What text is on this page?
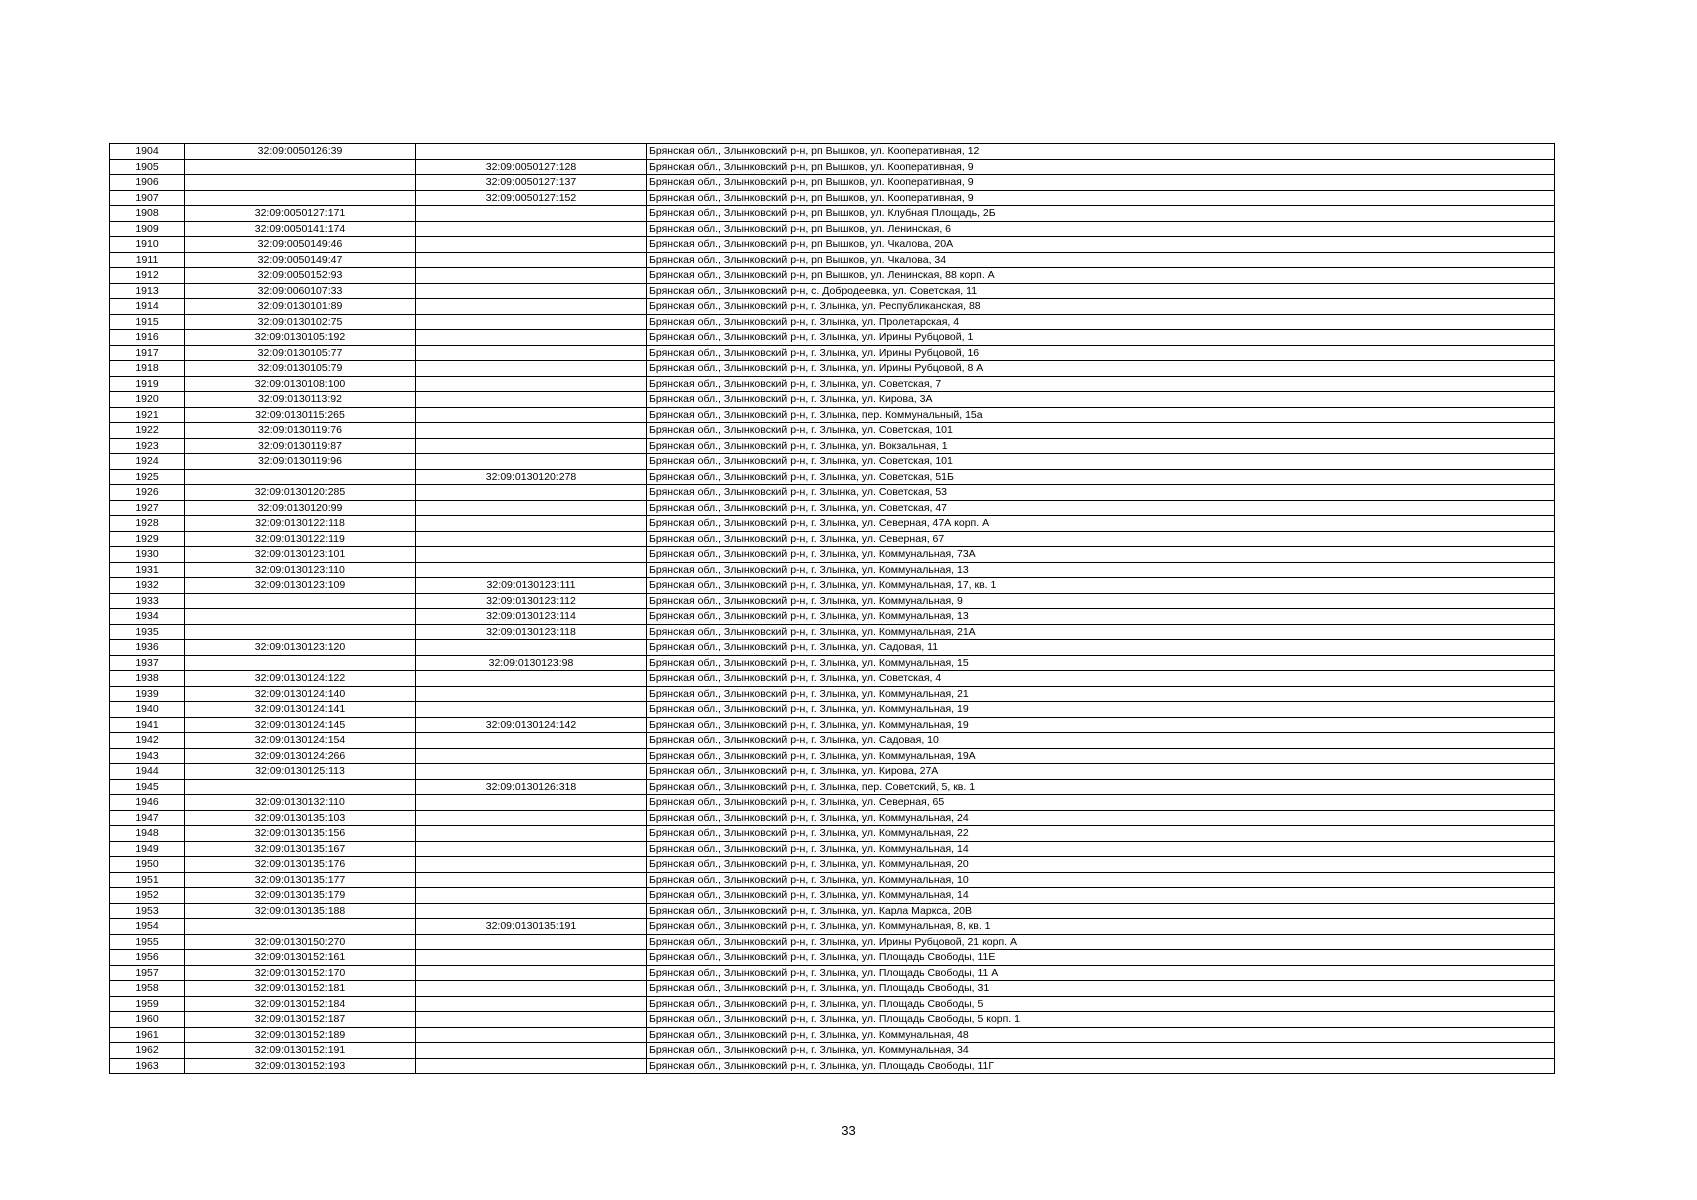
1904	32:09:0050126:39		Брянская обл., Злынковский р-н, рп Вышков, ул. Кооперативная, 12
1905		32:09:0050127:128	Брянская обл., Злынковский р-н, рп Вышков, ул. Кооперативная, 9
1906		32:09:0050127:137	Брянская обл., Злынковский р-н, рп Вышков, ул. Кооперативная, 9
1907		32:09:0050127:152	Брянская обл., Злынковский р-н, рп Вышков, ул. Кооперативная, 9
1908	32:09:0050127:171		Брянская обл., Злынковский р-н, рп Вышков, ул. Клубная Площадь, 2Б
1909	32:09:0050141:174		Брянская обл., Злынковский р-н, рп Вышков, ул. Ленинская, 6
1910	32:09:0050149:46		Брянская обл., Злынковский р-н, рп Вышков, ул. Чкалова, 20А
1911	32:09:0050149:47		Брянская обл., Злынковский р-н, рп Вышков, ул. Чкалова, 34
1912	32:09:0050152:93		Брянская обл., Злынковский р-н, рп Вышков, ул. Ленинская, 88 корп. А
1913	32:09:0060107:33		Брянская обл., Злынковский р-н, с. Добродеевка, ул. Советская, 11
1914	32:09:0130101:89		Брянская обл., Злынковский р-н, г. Злынка, ул. Республиканская, 88
1915	32:09:0130102:75		Брянская обл., Злынковский р-н, г. Злынка, ул. Пролетарская, 4
1916	32:09:0130105:192		Брянская обл., Злынковский р-н, г. Злынка, ул. Ирины Рубцовой, 1
1917	32:09:0130105:77		Брянская обл., Злынковский р-н, г. Злынка, ул. Ирины Рубцовой, 16
1918	32:09:0130105:79		Брянская обл., Злынковский р-н, г. Злынка, ул. Ирины Рубцовой, 8 А
1919	32:09:0130108:100		Брянская обл., Злынковский р-н, г. Злынка, ул. Советская, 7
1920	32:09:0130113:92		Брянская обл., Злынковский р-н, г. Злынка, ул. Кирова, 3А
1921	32:09:0130115:265		Брянская обл., Злынковский р-н, г. Злынка, пер. Коммунальный, 15а
1922	32:09:0130119:76		Брянская обл., Злынковский р-н, г. Злынка, ул. Советская, 101
1923	32:09:0130119:87		Брянская обл., Злынковский р-н, г. Злынка, ул. Вокзальная, 1
1924	32:09:0130119:96		Брянская обл., Злынковский р-н, г. Злынка, ул. Советская, 101
1925		32:09:0130120:278	Брянская обл., Злынковский р-н, г. Злынка, ул. Советская, 51Б
1926	32:09:0130120:285		Брянская обл., Злынковский р-н, г. Злынка, ул. Советская, 53
1927	32:09:0130120:99		Брянская обл., Злынковский р-н, г. Злынка, ул. Советская, 47
1928	32:09:0130122:118		Брянская обл., Злынковский р-н, г. Злынка, ул. Северная, 47А корп. А
1929	32:09:0130122:119		Брянская обл., Злынковский р-н, г. Злынка, ул. Северная, 67
1930	32:09:0130123:101		Брянская обл., Злынковский р-н, г. Злынка, ул. Коммунальная, 73А
1931	32:09:0130123:110		Брянская обл., Злынковский р-н, г. Злынка, ул. Коммунальная, 13
1932	32:09:0130123:109	32:09:0130123:111	Брянская обл., Злынковский р-н, г. Злынка, ул. Коммунальная, 17, кв. 1
1933		32:09:0130123:112	Брянская обл., Злынковский р-н, г. Злынка, ул. Коммунальная, 9
1934		32:09:0130123:114	Брянская обл., Злынковский р-н, г. Злынка, ул. Коммунальная, 13
1935		32:09:0130123:118	Брянская обл., Злынковский р-н, г. Злынка, ул. Коммунальная, 21А
1936	32:09:0130123:120		Брянская обл., Злынковский р-н, г. Злынка, ул. Садовая, 11
1937		32:09:0130123:98	Брянская обл., Злынковский р-н, г. Злынка, ул. Коммунальная, 15
1938	32:09:0130124:122		Брянская обл., Злынковский р-н, г. Злынка, ул. Советская, 4
1939	32:09:0130124:140		Брянская обл., Злынковский р-н, г. Злынка, ул. Коммунальная, 21
1940	32:09:0130124:141		Брянская обл., Злынковский р-н, г. Злынка, ул. Коммунальная, 19
1941	32:09:0130124:145	32:09:0130124:142	Брянская обл., Злынковский р-н, г. Злынка, ул. Коммунальная, 19
1942	32:09:0130124:154		Брянская обл., Злынковский р-н, г. Злынка, ул. Садовая, 10
1943	32:09:0130124:266		Брянская обл., Злынковский р-н, г. Злынка, ул. Коммунальная, 19А
1944	32:09:0130125:113		Брянская обл., Злынковский р-н, г. Злынка, ул. Кирова, 27А
1945		32:09:0130126:318	Брянская обл., Злынковский р-н, г. Злынка, пер. Советский, 5, кв. 1
1946	32:09:0130132:110		Брянская обл., Злынковский р-н, г. Злынка, ул. Северная, 65
1947	32:09:0130135:103		Брянская обл., Злынковский р-н, г. Злынка, ул. Коммунальная, 24
1948	32:09:0130135:156		Брянская обл., Злынковский р-н, г. Злынка, ул. Коммунальная, 22
1949	32:09:0130135:167		Брянская обл., Злынковский р-н, г. Злынка, ул. Коммунальная, 14
1950	32:09:0130135:176		Брянская обл., Злынковский р-н, г. Злынка, ул. Коммунальная, 20
1951	32:09:0130135:177		Брянская обл., Злынковский р-н, г. Злынка, ул. Коммунальная, 10
1952	32:09:0130135:179		Брянская обл., Злынковский р-н, г. Злынка, ул. Коммунальная, 14
1953	32:09:0130135:188		Брянская обл., Злынковский р-н, г. Злынка, ул. Карла Маркса, 20В
1954		32:09:0130135:191	Брянская обл., Злынковский р-н, г. Злынка, ул. Коммунальная, 8, кв. 1
1955	32:09:0130150:270		Брянская обл., Злынковский р-н, г. Злынка, ул. Ирины Рубцовой, 21 корп. А
1956	32:09:0130152:161		Брянская обл., Злынковский р-н, г. Злынка, ул. Площадь Свободы, 11Е
1957	32:09:0130152:170		Брянская обл., Злынковский р-н, г. Злынка, ул. Площадь Свободы, 11 А
1958	32:09:0130152:181		Брянская обл., Злынковский р-н, г. Злынка, ул. Площадь Свободы, 31
1959	32:09:0130152:184		Брянская обл., Злынковский р-н, г. Злынка, ул. Площадь Свободы, 5
1960	32:09:0130152:187		Брянская обл., Злынковский р-н, г. Злынка, ул. Площадь Свободы, 5 корп. 1
1961	32:09:0130152:189		Брянская обл., Злынковский р-н, г. Злынка, ул. Коммунальная, 48
1962	32:09:0130152:191		Брянская обл., Злынковский р-н, г. Злынка, ул. Коммунальная, 34
1963	32:09:0130152:193		Брянская обл., Злынковский р-н, г. Злынка, ул. Площадь Свободы, 11Г
33
